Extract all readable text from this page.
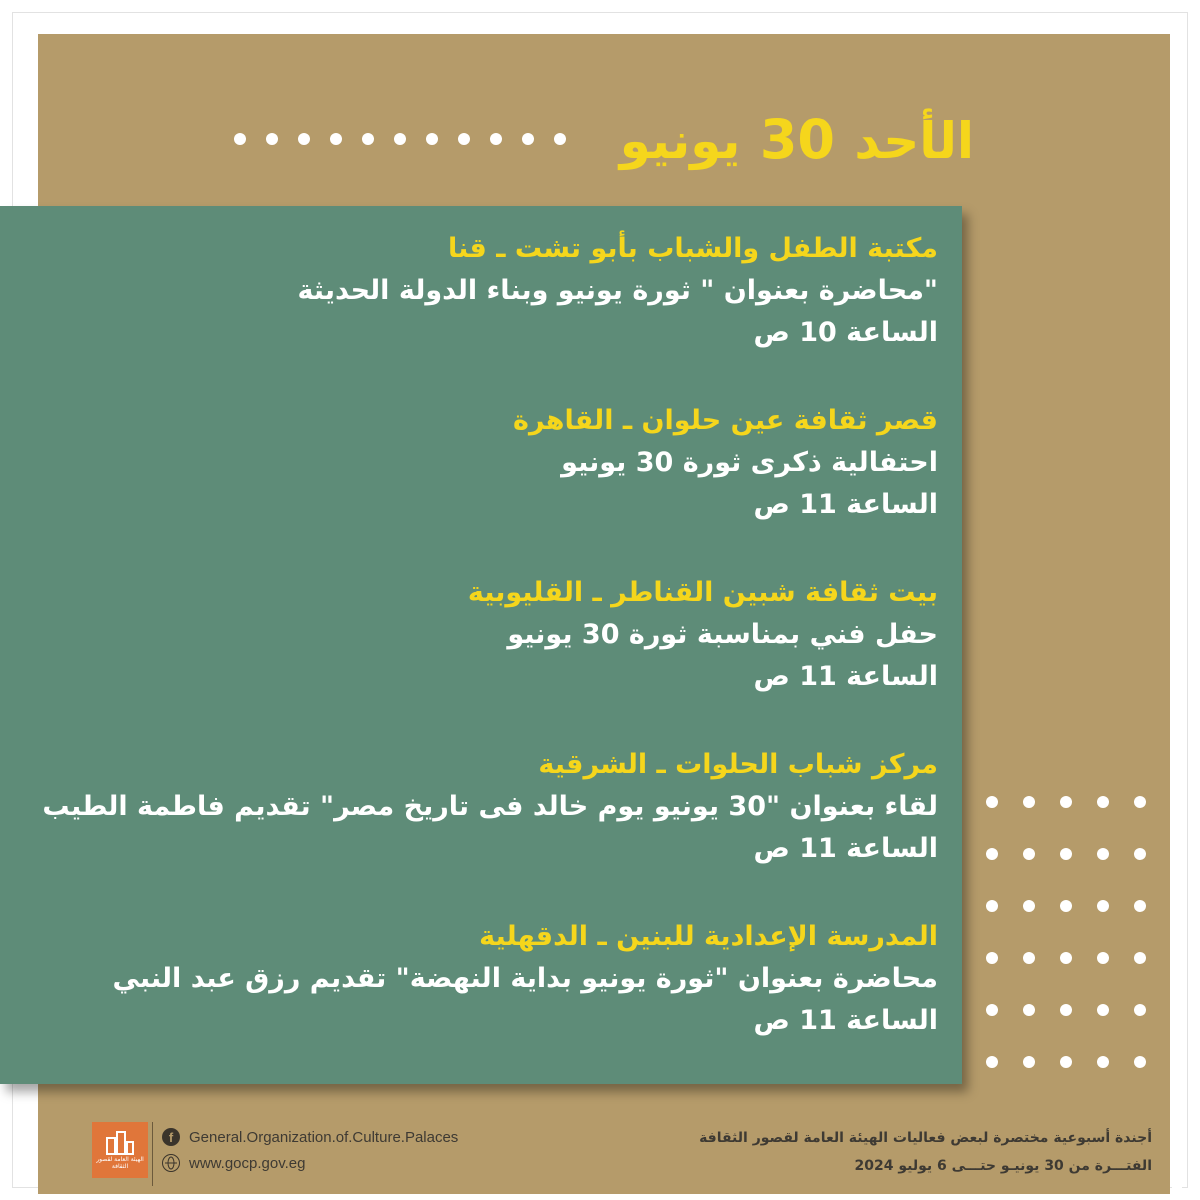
الأحد 30 يونيو
مكتبة الطفل والشباب بأبو تشت ـ قنا
"محاضرة بعنوان " ثورة يونيو وبناء الدولة الحديثة
الساعة 10 ص
قصر ثقافة عين حلوان ـ القاهرة
احتفالية ذكرى ثورة 30 يونيو
الساعة 11 ص
بيت ثقافة شبين القناطر ـ القليوبية
حفل فني بمناسبة ثورة 30 يونيو
الساعة 11 ص
مركز شباب الحلوات ـ الشرقية
لقاء بعنوان "30 يونيو يوم خالد فى تاريخ مصر" تقديم فاطمة الطيب
الساعة 11 ص
المدرسة الإعدادية للبنين ـ الدقهلية
محاضرة بعنوان "ثورة يونيو بداية النهضة" تقديم رزق عبد النبي
الساعة 11 ص
الهيئة العامة لقصور الثقافة
f	General.Organization.of.Culture.Palaces
www.gocp.gov.eg
أجندة أسبوعية مختصرة لبعض فعاليات الهيئة العامة لقصور الثقافة
الفتـــرة من 30 يونيـو حتـــى 6 يوليو 2024
